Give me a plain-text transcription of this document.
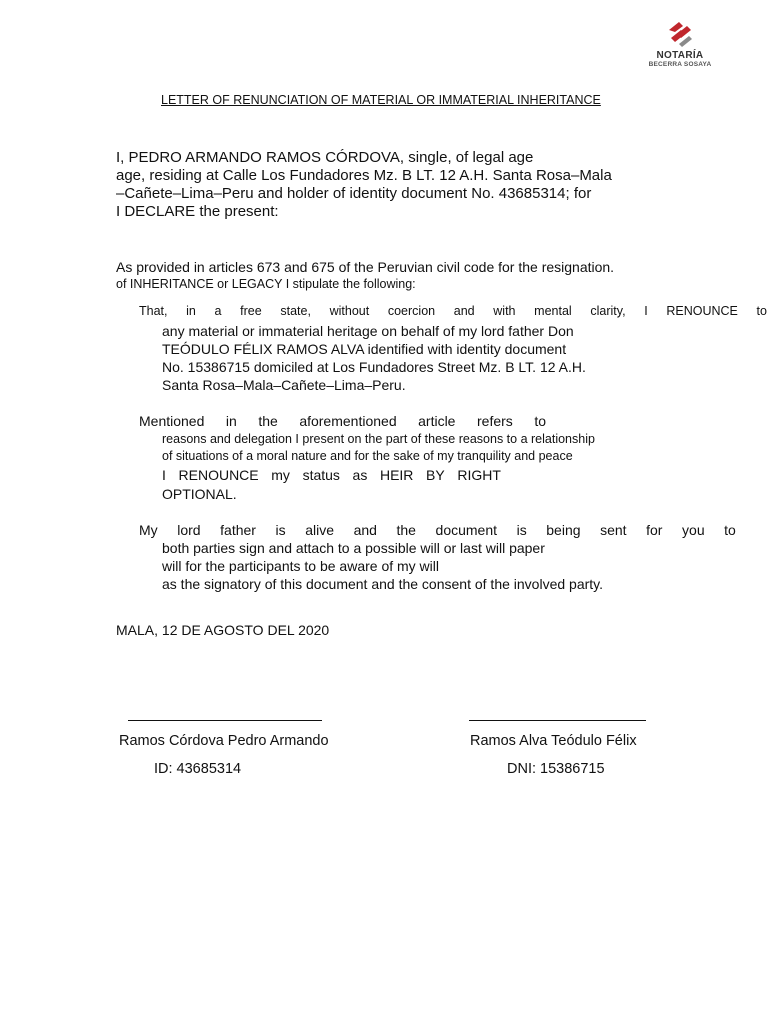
NOTARÍA
BECERRA SOSAYA
LETTER OF RENUNCIATION OF MATERIAL OR IMMATERIAL INHERITANCE
I, PEDRO ARMANDO RAMOS CÓRDOVA, single, of legal age
age, residing at Calle Los Fundadores Mz. B LT. 12 A.H. Santa Rosa–Mala
–Cañete–Lima–Peru and holder of identity document No. 43685314; for
I DECLARE the present:
As provided in articles 673 and 675 of the Peruvian civil code for the resignation.
of INHERITANCE or LEGACY I stipulate the following:
That, in a free state, without coercion and with mental clarity, I RENOUNCE to
any material or immaterial heritage on behalf of my lord father Don
TEÓDULO FÉLIX RAMOS ALVA identified with identity document
No. 15386715 domiciled at Los Fundadores Street Mz. B LT. 12 A.H.
Santa Rosa–Mala–Cañete–Lima–Peru.
Mentioned in the aforementioned article refers to
reasons and delegation I present on the part of these reasons to a relationship
of situations of a moral nature and for the sake of my tranquility and peace
I RENOUNCE my status as HEIR BY RIGHT
OPTIONAL.
My lord father is alive and the document is being sent for you to
both parties sign and attach to a possible will or last will paper
will for the participants to be aware of my will
as the signatory of this document and the consent of the involved party.
MALA, 12 DE AGOSTO DEL 2020
Ramos Córdova Pedro Armando	Ramos Alva Teódulo Félix
ID: 43685314	DNI: 15386715
